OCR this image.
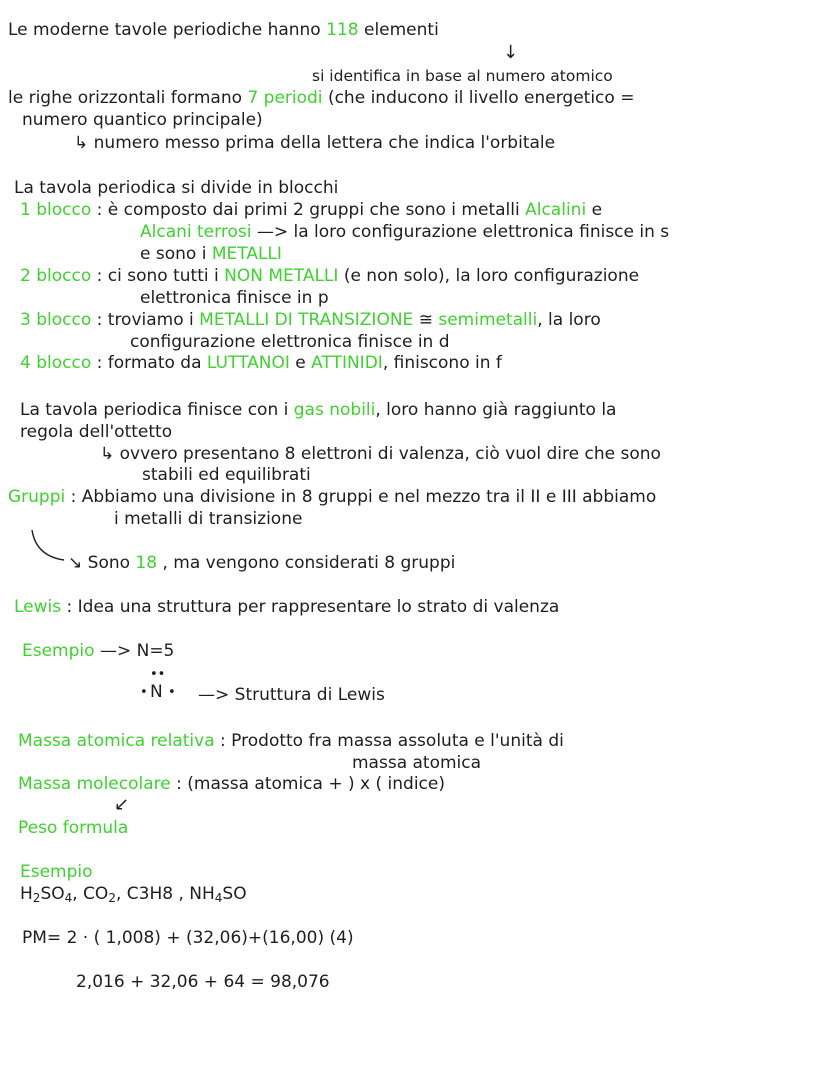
Le moderne tavole periodiche hanno 118 elementi
↓
si identifica in base al numero atomico
le righe orizzontali formano 7 periodi (che inducono il livello energetico =
numero quantico principale)
↳ numero messo prima della lettera che indica l'orbitale
La tavola periodica si divide in blocchi
1 blocco : è composto dai primi 2 gruppi che sono i metalli Alcalini e
Alcani terrosi —> la loro configurazione elettronica finisce in s
e sono i METALLI
2 blocco : ci sono tutti i NON METALLI (e non solo), la loro configurazione
elettronica finisce in p
3 blocco : troviamo i METALLI DI TRANSIZIONE ≅ semimetalli, la loro
configurazione elettronica finisce in d
4 blocco : formato da LUTTANOI e ATTINIDI, finiscono in f
La tavola periodica finisce con i gas nobili, loro hanno già raggiunto la
regola dell'ottetto
↳ ovvero presentano 8 elettroni di valenza, ciò vuol dire che sono
stabili ed equilibrati
Gruppi : Abbiamo una divisione in 8 gruppi e nel mezzo tra il II e III abbiamo
i metalli di transizione
↘ Sono 18 , ma vengono considerati 8 gruppi
Lewis : Idea una struttura per rappresentare lo strato di valenza
Esempio —> N=5
••
• N • —> Struttura di Lewis
Massa atomica relativa : Prodotto fra massa assoluta e l'unità di
massa atomica
Massa molecolare : (massa atomica + ) x ( indice)
↙
Peso formula
Esempio
$H_2SO_4$, $CO_2$, C3H8 , $NH_4SO$
PM= 2 · ( 1,008) + (32,06)+(16,00) (4)
2,016 + 32,06 + 64 = 98,076
